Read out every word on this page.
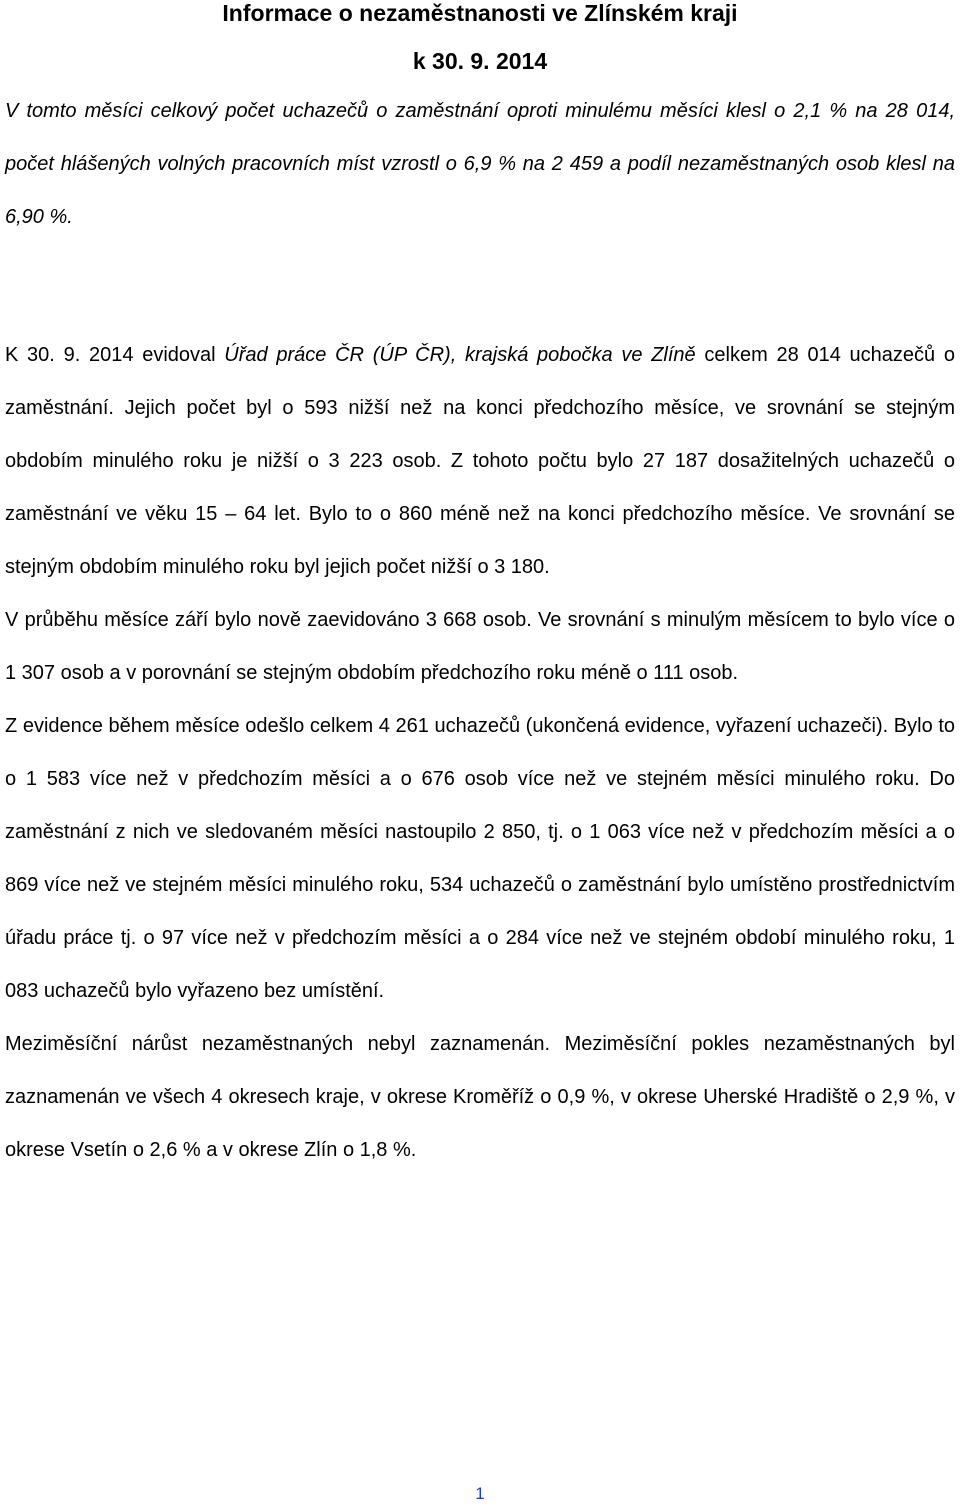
Informace o nezaměstnanosti ve Zlínském kraji
k 30. 9. 2014

V tomto měsíci celkový počet uchazečů o zaměstnání oproti minulému měsíci klesl o 2,1 % na 28 014, počet hlášených volných pracovních míst vzrostl o 6,9 % na 2 459 a podíl nezaměstnaných osob klesl na 6,90 %.

K 30. 9. 2014 evidoval Úřad práce ČR (ÚP ČR), krajská pobočka ve Zlíně celkem 28 014 uchazečů o zaměstnání. Jejich počet byl o 593 nižší než na konci předchozího měsíce, ve srovnání se stejným obdobím minulého roku je nižší o 3 223 osob. Z tohoto počtu bylo 27 187 dosažitelných uchazečů o zaměstnání ve věku 15 – 64 let. Bylo to o 860 méně než na konci předchozího měsíce. Ve srovnání se stejným obdobím minulého roku byl jejich počet nižší o 3 180.

V průběhu měsíce září bylo nově zaevidováno 3 668 osob. Ve srovnání s minulým měsícem to bylo více o 1 307 osob a v porovnání se stejným obdobím předchozího roku méně o 111 osob.

Z evidence během měsíce odešlo celkem 4 261 uchazečů (ukončená evidence, vyřazení uchazeči). Bylo to o 1 583 více než v předchozím měsíci a o 676 osob více než ve stejném měsíci minulého roku. Do zaměstnání z nich ve sledovaném měsíci nastoupilo 2 850, tj. o 1 063 více než v předchozím měsíci a o 869 více než ve stejném měsíci minulého roku, 534 uchazečů o zaměstnání bylo umístěno prostřednictvím úřadu práce tj. o 97 více než v předchozím měsíci a o 284 více než ve stejném období minulého roku, 1 083 uchazečů bylo vyřazeno bez umístění.

Meziměsíční nárůst nezaměstnaných nebyl zaznamenán. Meziměsíční pokles nezaměstnaných byl zaznamenán ve všech 4 okresech kraje, v okrese Kroměříž o 0,9 %, v okrese Uherské Hradiště o 2,9 %, v okrese Vsetín o 2,6 % a v okrese Zlín o 1,8 %.

1
